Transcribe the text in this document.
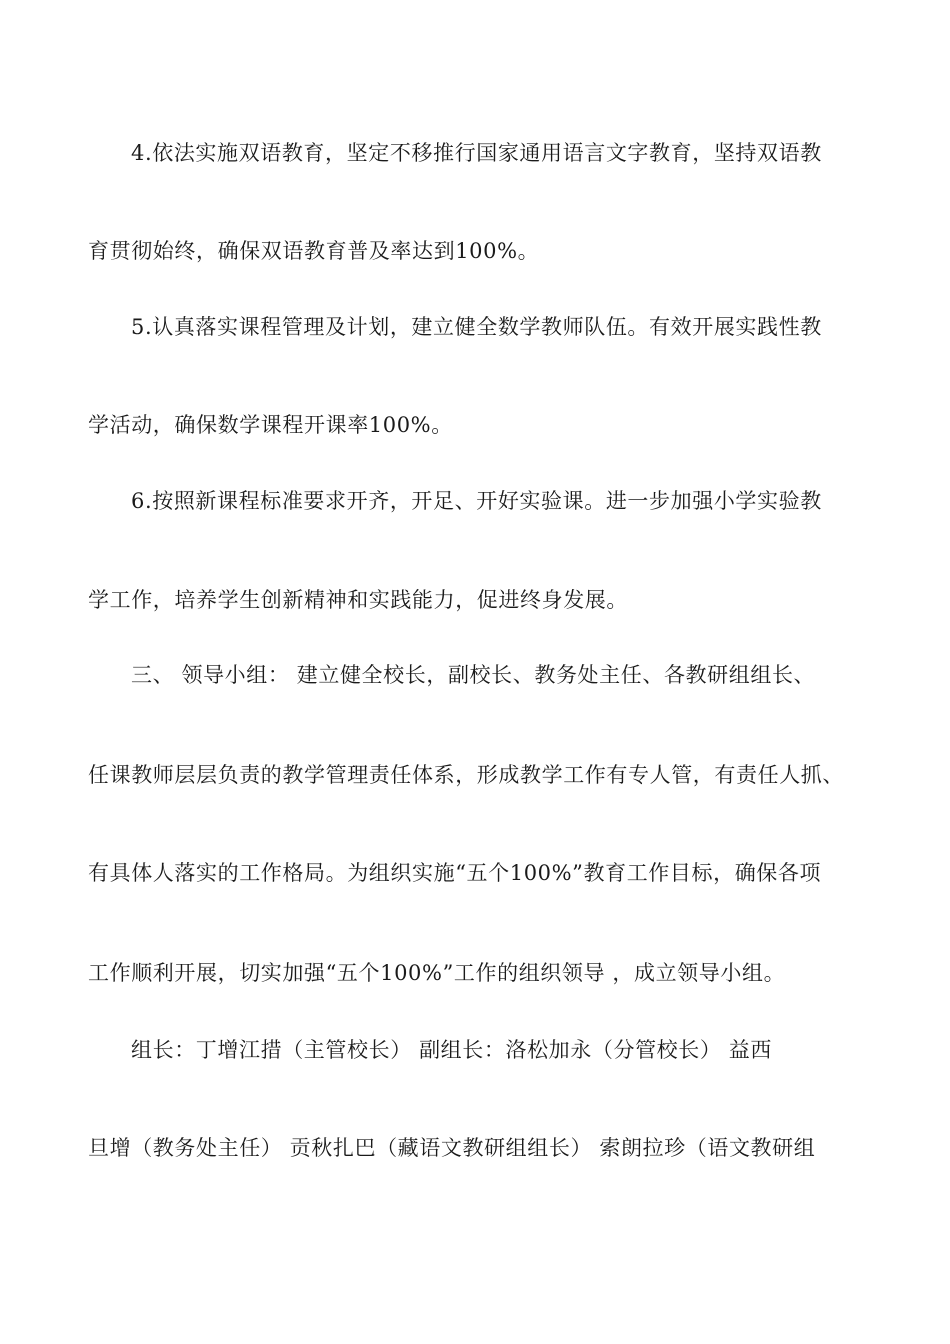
4.依法实施双语教育，坚定不移推行国家通用语言文字教育，坚持双语教
育贯彻始终，确保双语教育普及率达到100%。
5.认真落实课程管理及计划，建立健全数学教师队伍。有效开展实践性教
学活动，确保数学课程开课率100%。
6.按照新课程标准要求开齐，开足、开好实验课。进一步加强小学实验教
学工作，培养学生创新精神和实践能力，促进终身发展。
三、 领导小组： 建立健全校长，副校长、教务处主任、各教研组组长、
任课教师层层负责的教学管理责任体系，形成教学工作有专人管，有责任人抓、
有具体人落实的工作格局。为组织实施“五个100%”教育工作目标，确保各项
工作顺利开展，切实加强“五个100%”工作的组织领导 ，成立领导小组。
组长：丁增江措（主管校长） 副组长：洛松加永（分管校长） 益西
旦增（教务处主任） 贡秋扎巴（藏语文教研组组长） 索朗拉珍（语文教研组
